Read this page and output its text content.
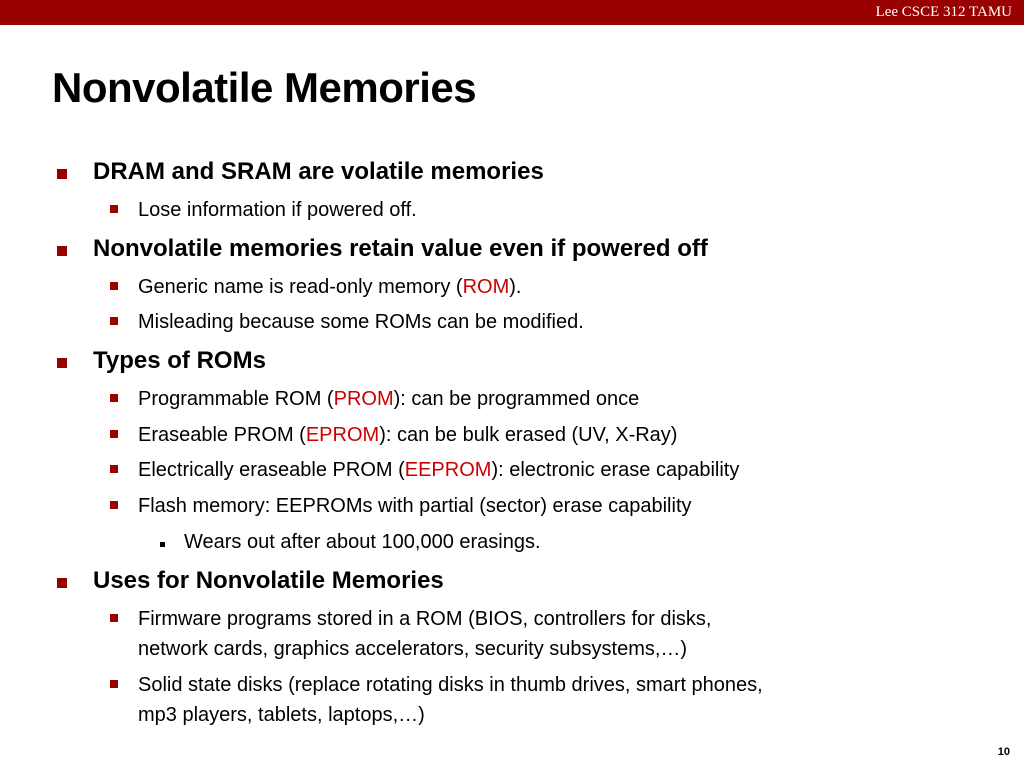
Lee CSCE 312 TAMU
Nonvolatile Memories
DRAM and SRAM are volatile memories
Lose information if powered off.
Nonvolatile memories retain value even if powered off
Generic name is read-only memory (ROM).
Misleading because some ROMs can be modified.
Types of ROMs
Programmable ROM (PROM): can be programmed once
Eraseable PROM (EPROM): can be bulk erased (UV, X-Ray)
Electrically eraseable PROM (EEPROM): electronic erase capability
Flash memory: EEPROMs with partial (sector) erase capability
Wears out after about 100,000 erasings.
Uses for Nonvolatile Memories
Firmware programs stored in a ROM (BIOS, controllers for disks,
network cards, graphics accelerators, security subsystems,…)
Solid state disks (replace rotating disks in thumb drives, smart phones,
mp3 players, tablets, laptops,…)
10
